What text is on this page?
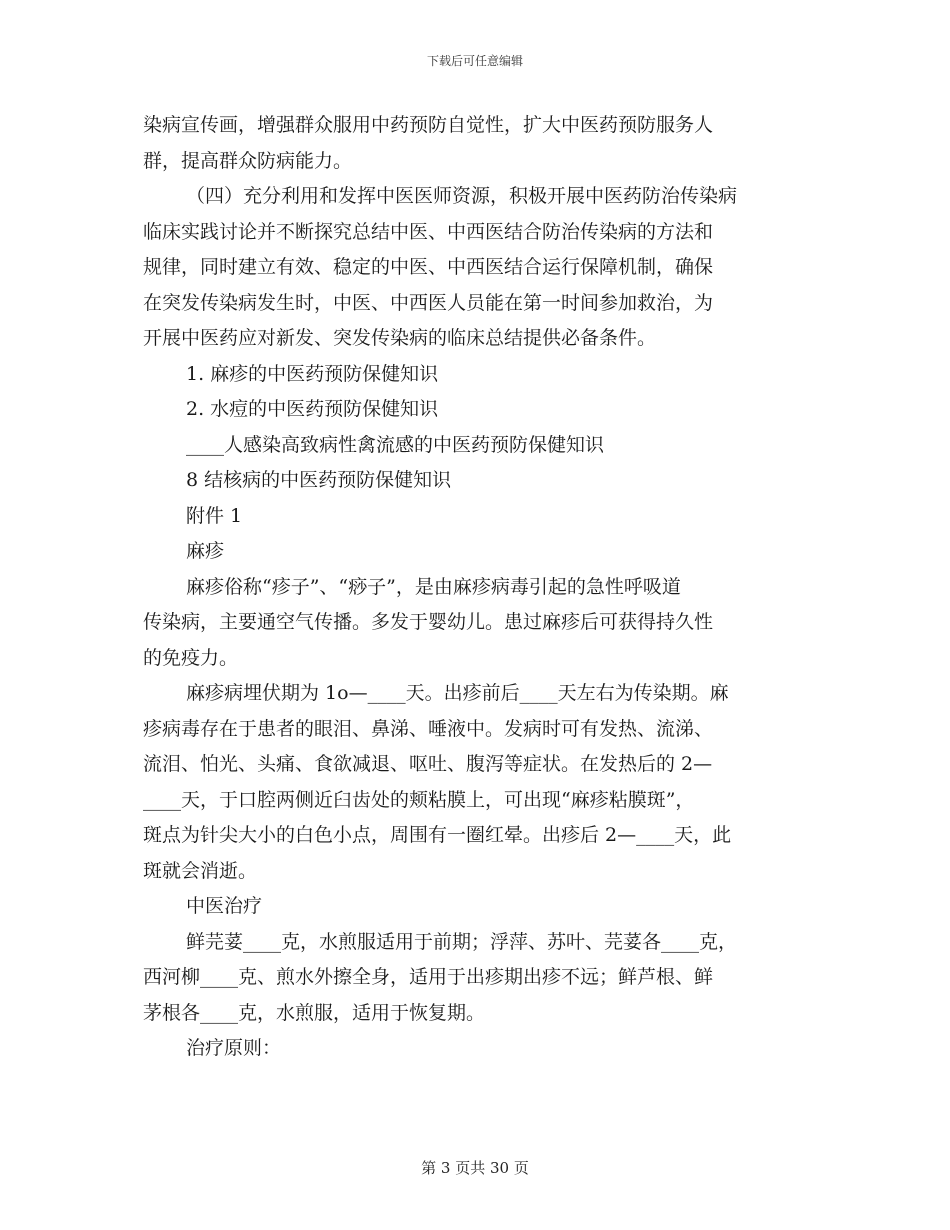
下载后可任意编辑

染病宣传画，增强群众服用中药预防自觉性，扩大中医药预防服务人

群，提高群众防病能力。

（四）充分利用和发挥中医医师资源，积极开展中医药防治传染病

临床实践讨论并不断探究总结中医、中西医结合防治传染病的方法和

规律，同时建立有效、稳定的中医、中西医结合运行保障机制，确保

在突发传染病发生时，中医、中西医人员能在第一时间参加救治，为

开展中医药应对新发、突发传染病的临床总结提供必备条件。

1. 麻疹的中医药预防保健知识

2. 水痘的中医药预防保健知识

____人感染高致病性禽流感的中医药预防保健知识

8 结核病的中医药预防保健知识

附件 1

麻疹

麻疹俗称“疹子”、“痧子”，是由麻疹病毒引起的急性呼吸道

传染病，主要通空气传播。多发于婴幼儿。患过麻疹后可获得持久性

的免疫力。

麻疹病埋伏期为 1o—____天。出疹前后____天左右为传染期。麻

疹病毒存在于患者的眼泪、鼻涕、唾液中。发病时可有发热、流涕、

流泪、怕光、头痛、食欲减退、呕吐、腹泻等症状。在发热后的 2—

____天，于口腔两侧近臼齿处的颊粘膜上，可出现“麻疹粘膜斑”，

斑点为针尖大小的白色小点，周围有一圈红晕。出疹后 2—____天，此

斑就会消逝。

中医治疗

鲜芫荽____克，水煎服适用于前期；浮萍、苏叶、芫荽各____克，

西河柳____克、煎水外擦全身，适用于出疹期出疹不远；鲜芦根、鲜

茅根各____克，水煎服，适用于恢复期。

治疗原则：

第 3 页共 30 页
